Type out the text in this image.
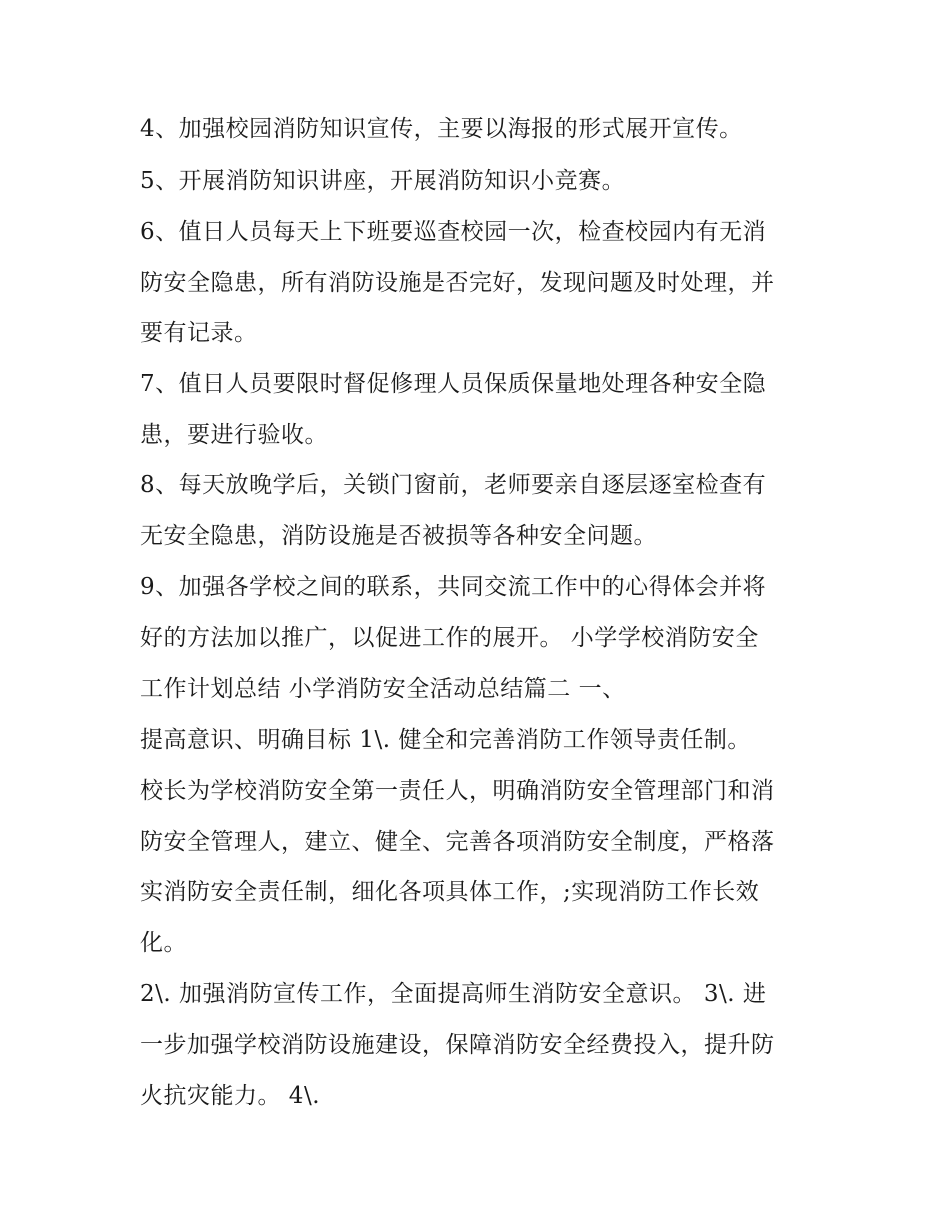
4、加强校园消防知识宣传，主要以海报的形式展开宣传。
5、开展消防知识讲座，开展消防知识小竞赛。
6、值日人员每天上下班要巡查校园一次，检查校园内有无消
防安全隐患，所有消防设施是否完好，发现问题及时处理，并
要有记录。
7、值日人员要限时督促修理人员保质保量地处理各种安全隐
患，要进行验收。
8、每天放晚学后，关锁门窗前，老师要亲自逐层逐室检查有
无安全隐患，消防设施是否被损等各种安全问题。
9、加强各学校之间的联系，共同交流工作中的心得体会并将
好的方法加以推广，以促进工作的展开。 小学学校消防安全
工作计划总结 小学消防安全活动总结篇二 一、
提高意识、明确目标 1\. 健全和完善消防工作领导责任制。
校长为学校消防安全第一责任人，明确消防安全管理部门和消
防安全管理人，建立、健全、完善各项消防安全制度，严格落
实消防安全责任制，细化各项具体工作，;实现消防工作长效
化。
2\. 加强消防宣传工作，全面提高师生消防安全意识。 3\. 进
一步加强学校消防设施建设，保障消防安全经费投入，提升防
火抗灾能力。 4\.
